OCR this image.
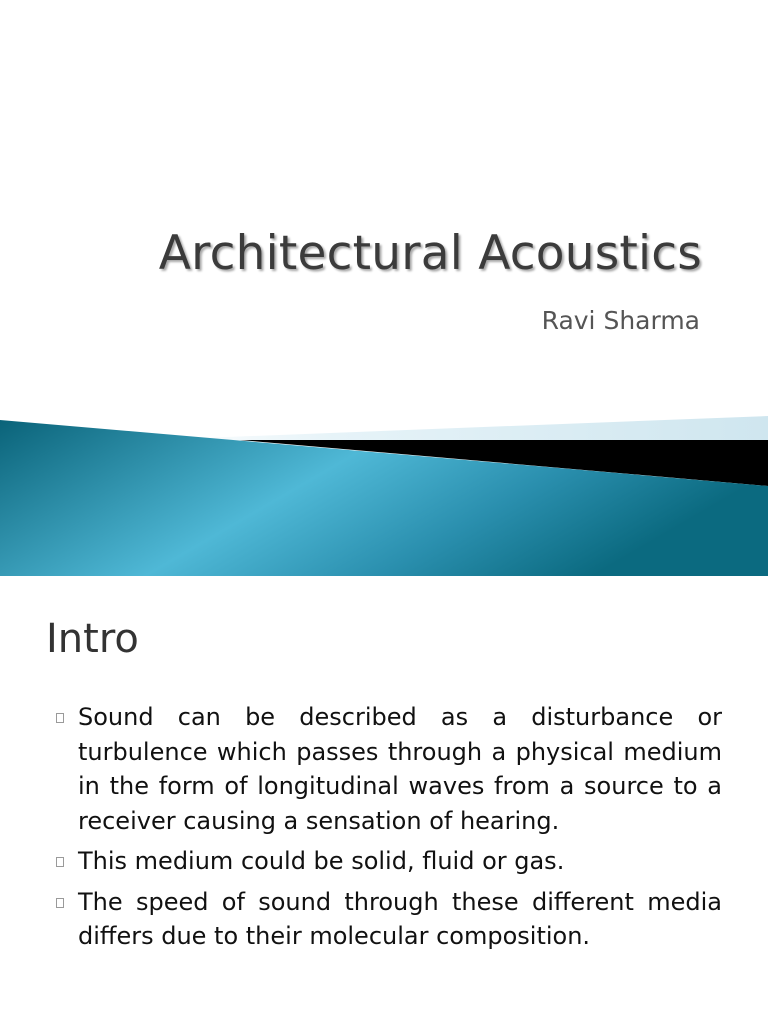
Architectural Acoustics
Ravi Sharma
Intro
Sound can be described as a disturbance or turbulence which passes through a physical medium in the form of longitudinal waves from a source to a receiver causing a sensation of hearing.
This medium could be solid, fluid or gas.
The speed of sound through these different media differs due to their molecular composition.
